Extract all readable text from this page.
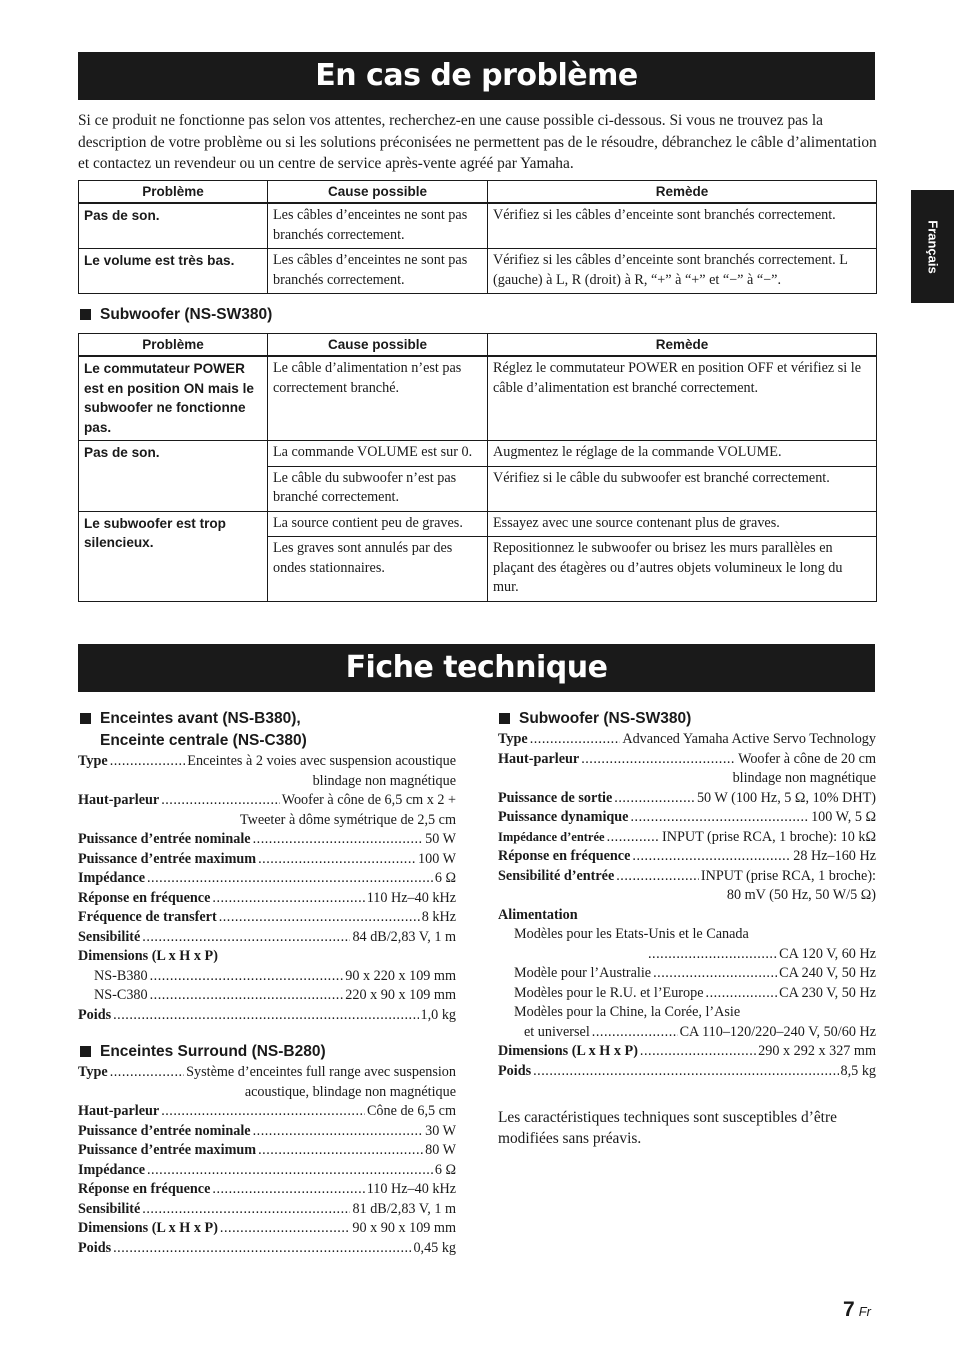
En cas de problème
Français
Si ce produit ne fonctionne pas selon vos attentes, recherchez-en une cause possible ci-dessous. Si vous ne trouvez pas la description de votre problème ou si les solutions préconisées ne permettent pas de le résoudre, débranchez le câble d’alimentation et contactez un revendeur ou un centre de service après-vente agréé par Yamaha.
Problème	Cause possible	Remède
Pas de son.	Les câbles d’enceintes ne sont pas branchés correctement.	Vérifiez si les câbles d’enceinte sont branchés correctement.
Le volume est très bas.	Les câbles d’enceintes ne sont pas branchés correctement.	Vérifiez si les câbles d’enceinte sont branchés correctement. L (gauche) à L, R (droit) à R, “+” à “+” et “−” à “−”.
Subwoofer (NS-SW380)
Problème	Cause possible	Remède
Le commutateur POWER est en position ON mais le subwoofer ne fonctionne pas.	Le câble d’alimentation n’est pas correctement branché.	Réglez le commutateur POWER en position OFF et vérifiez si le câble d’alimentation est branché correctement.
Pas de son.	La commande VOLUME est sur 0.	Augmentez le réglage de la commande VOLUME.
	Le câble du subwoofer n’est pas branché correctement.	Vérifiez si le câble du subwoofer est branché correctement.
Le subwoofer est trop silencieux.	La source contient peu de graves.	Essayez avec une source contenant plus de graves.
	Les graves sont annulés par des ondes stationnaires.	Repositionnez le subwoofer ou brisez les murs parallèles en plaçant des étagères ou d’autres objets volumineux le long du mur.
Fiche technique
Enceintes avant (NS-B380),
Enceinte centrale (NS-C380)
Type .....	Enceintes à 2 voies avec suspension acoustique
blindage non magnétique
Haut-parleur .....	Woofer à cône de 6,5 cm x 2 +
Tweeter à dôme symétrique de 2,5 cm
Puissance d’entrée nominale .....	50 W
Puissance d’entrée maximum .....	100 W
Impédance .....	6 Ω
Réponse en fréquence .....	110 Hz–40 kHz
Fréquence de transfert .....	8 kHz
Sensibilité .....	84 dB/2,83 V, 1 m
Dimensions (L x H x P)
NS-B380 .....	90 x 220 x 109 mm
NS-C380 .....	220 x 90 x 109 mm
Poids .....	1,0 kg
Enceintes Surround (NS-B280)
Type .....	Système d’enceintes full range avec suspension
acoustique, blindage non magnétique
Haut-parleur .....	Cône de 6,5 cm
Puissance d’entrée nominale .....	30 W
Puissance d’entrée maximum .....	80 W
Impédance .....	6 Ω
Réponse en fréquence .....	110 Hz–40 kHz
Sensibilité .....	81 dB/2,83 V, 1 m
Dimensions (L x H x P) .....	90 x 90 x 109 mm
Poids .....	0,45 kg
Subwoofer (NS-SW380)
Type .....	Advanced Yamaha Active Servo Technology
Haut-parleur .....	Woofer à cône de 20 cm
blindage non magnétique
Puissance de sortie .....	50 W (100 Hz, 5 Ω, 10% DHT)
Puissance dynamique .....	100 W, 5 Ω
Impédance d’entrée .....	INPUT (prise RCA, 1 broche): 10 kΩ
Réponse en fréquence .....	28 Hz–160 Hz
Sensibilité d’entrée .....	INPUT (prise RCA, 1 broche):
80 mV (50 Hz, 50 W/5 Ω)
Alimentation
Modèles pour les Etats-Unis et le Canada
.....
CA 120 V, 60 Hz
Modèle pour l’Australie .....	CA 240 V, 50 Hz
Modèles pour le R.U. et l’Europe .....	CA 230 V, 50 Hz
Modèles pour la Chine, la Corée, l’Asie
et universel .....	CA 110–120/220–240 V, 50/60 Hz
Dimensions (L x H x P) .....	290 x 292 x 327 mm
Poids .....	8,5 kg
Les caractéristiques techniques sont susceptibles d’être modifiées sans préavis.
7 Fr
